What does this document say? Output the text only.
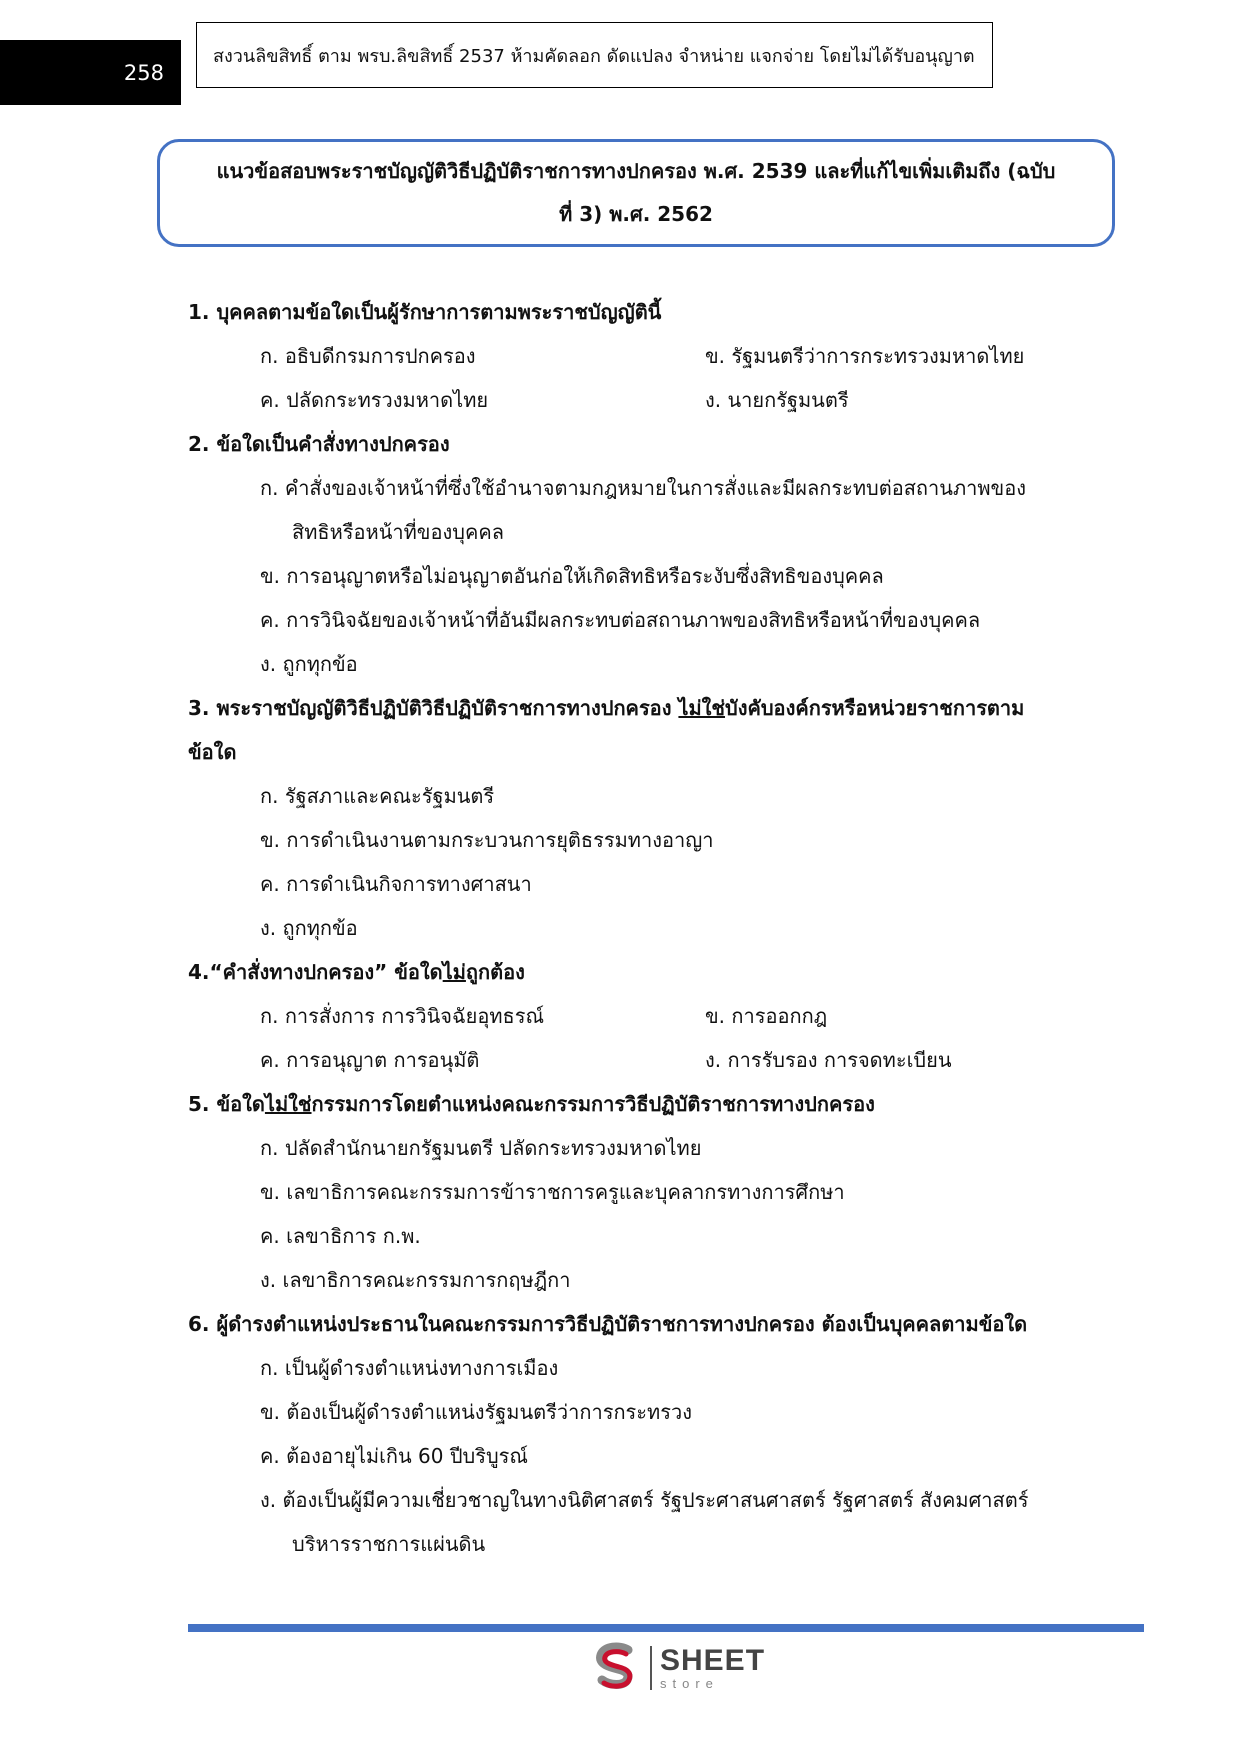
258
สงวนลิขสิทธิ์ ตาม พรบ.ลิขสิทธิ์ 2537 ห้ามคัดลอก ดัดแปลง จำหน่าย แจกจ่าย โดยไม่ได้รับอนุญาต
แนวข้อสอบพระราชบัญญัติวิธีปฏิบัติราชการทางปกครอง พ.ศ. 2539 และที่แก้ไขเพิ่มเติมถึง (ฉบับ
ที่ 3) พ.ศ. 2562
1. บุคคลตามข้อใดเป็นผู้รักษาการตามพระราชบัญญัตินี้
ก. อธิบดีกรมการปกครอง	ข. รัฐมนตรีว่าการกระทรวงมหาดไทย
ค. ปลัดกระทรวงมหาดไทย	ง. นายกรัฐมนตรี
2. ข้อใดเป็นคำสั่งทางปกครอง
ก. คำสั่งของเจ้าหน้าที่ซึ่งใช้อำนาจตามกฎหมายในการสั่งและมีผลกระทบต่อสถานภาพของ
สิทธิหรือหน้าที่ของบุคคล
ข. การอนุญาตหรือไม่อนุญาตอันก่อให้เกิดสิทธิหรือระงับซึ่งสิทธิของบุคคล
ค. การวินิจฉัยของเจ้าหน้าที่อันมีผลกระทบต่อสถานภาพของสิทธิหรือหน้าที่ของบุคคล
ง. ถูกทุกข้อ
3. พระราชบัญญัติวิธีปฏิบัติวิธีปฏิบัติราชการทางปกครอง ไม่ใช่บังคับองค์กรหรือหน่วยราชการตาม
ข้อใด
ก. รัฐสภาและคณะรัฐมนตรี
ข. การดำเนินงานตามกระบวนการยุติธรรมทางอาญา
ค. การดำเนินกิจการทางศาสนา
ง. ถูกทุกข้อ
4.“คำสั่งทางปกครอง” ข้อใดไม่ถูกต้อง
ก. การสั่งการ การวินิจฉัยอุทธรณ์	ข. การออกกฎ
ค. การอนุญาต การอนุมัติ	ง. การรับรอง การจดทะเบียน
5. ข้อใดไม่ใช่กรรมการโดยตำแหน่งคณะกรรมการวิธีปฏิบัติราชการทางปกครอง
ก. ปลัดสำนักนายกรัฐมนตรี ปลัดกระทรวงมหาดไทย
ข. เลขาธิการคณะกรรมการข้าราชการครูและบุคลากรทางการศึกษา
ค. เลขาธิการ ก.พ.
ง. เลขาธิการคณะกรรมการกฤษฎีกา
6. ผู้ดำรงตำแหน่งประธานในคณะกรรมการวิธีปฏิบัติราชการทางปกครอง ต้องเป็นบุคคลตามข้อใด
ก. เป็นผู้ดำรงตำแหน่งทางการเมือง
ข. ต้องเป็นผู้ดำรงตำแหน่งรัฐมนตรีว่าการกระทรวง
ค. ต้องอายุไม่เกิน 60 ปีบริบูรณ์
ง. ต้องเป็นผู้มีความเชี่ยวชาญในทางนิติศาสตร์ รัฐประศาสนศาสตร์ รัฐศาสตร์ สังคมศาสตร์
บริหารราชการแผ่นดิน
SHEET
store
